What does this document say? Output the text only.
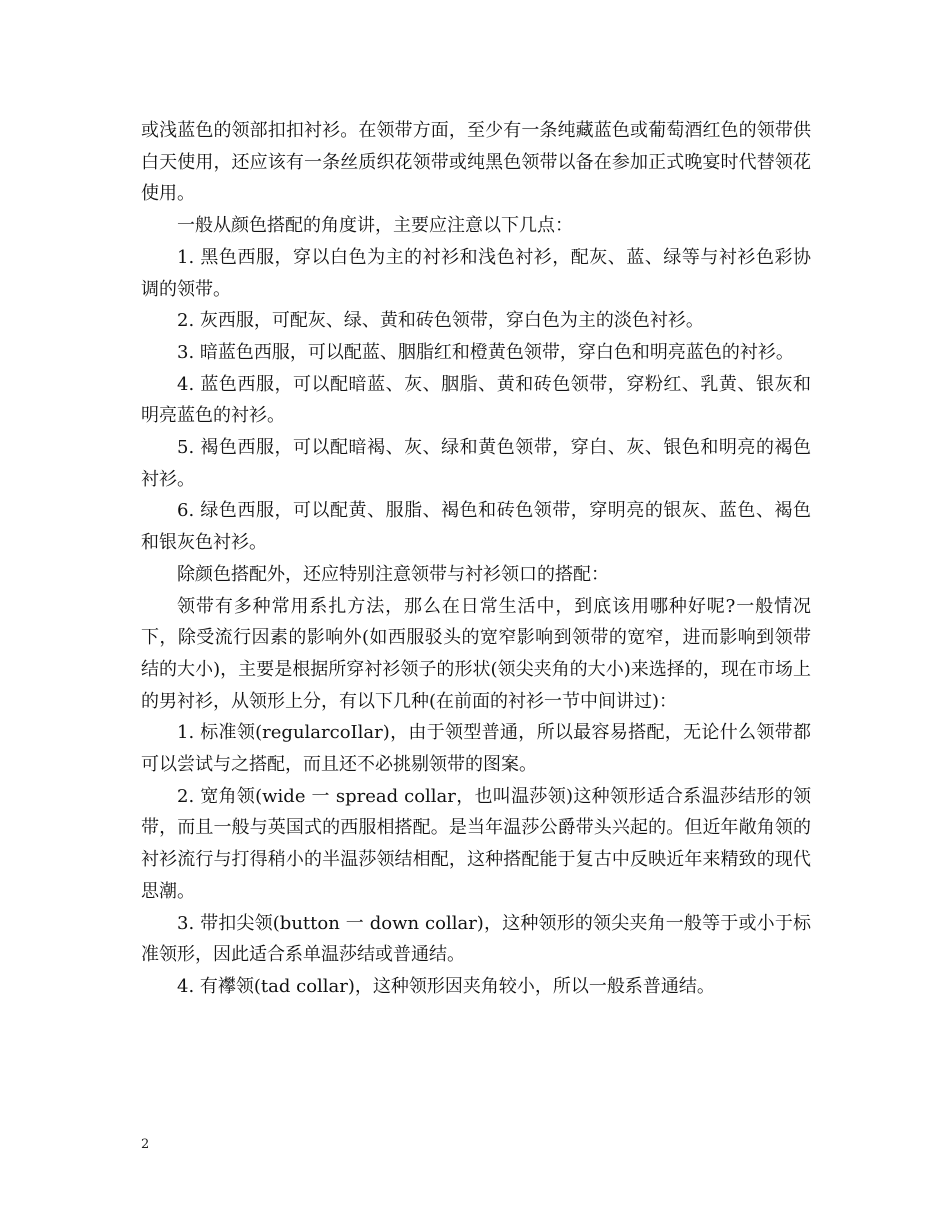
或浅蓝色的领部扣扣衬衫。在领带方面，至少有一条纯藏蓝色或葡萄酒红色的领带供白天使用，还应该有一条丝质织花领带或纯黑色领带以备在参加正式晚宴时代替领花使用。

一般从颜色搭配的角度讲，主要应注意以下几点：

1. 黑色西服，穿以白色为主的衬衫和浅色衬衫，配灰、蓝、绿等与衬衫色彩协调的领带。

2. 灰西服，可配灰、绿、黄和砖色领带，穿白色为主的淡色衬衫。

3. 暗蓝色西服，可以配蓝、胭脂红和橙黄色领带，穿白色和明亮蓝色的衬衫。

4. 蓝色西服，可以配暗蓝、灰、胭脂、黄和砖色领带，穿粉红、乳黄、银灰和明亮蓝色的衬衫。

5. 褐色西服，可以配暗褐、灰、绿和黄色领带，穿白、灰、银色和明亮的褐色衬衫。

6. 绿色西服，可以配黄、服脂、褐色和砖色领带，穿明亮的银灰、蓝色、褐色和银灰色衬衫。

除颜色搭配外，还应特别注意领带与衬衫领口的搭配：

领带有多种常用系扎方法，那么在日常生活中，到底该用哪种好呢?一般情况下，除受流行因素的影响外(如西服驳头的宽窄影响到领带的宽窄，进而影响到领带结的大小)，主要是根据所穿衬衫领子的形状(领尖夹角的大小)来选择的，现在市场上的男衬衫，从领形上分，有以下几种(在前面的衬衫一节中间讲过)：

1. 标准领(regularcoIlar)，由于领型普通，所以最容易搭配，无论什么领带都可以尝试与之搭配，而且还不必挑剔领带的图案。

2. 宽角领(wide 一 spread collar，也叫温莎领)这种领形适合系温莎结形的领带，而且一般与英国式的西服相搭配。是当年温莎公爵带头兴起的。但近年敞角领的衬衫流行与打得稍小的半温莎领结相配，这种搭配能于复古中反映近年来精致的现代思潮。

3. 带扣尖领(button 一 down collar)，这种领形的领尖夹角一般等于或小于标准领形，因此适合系单温莎结或普通结。

4. 有襻领(tad collar)，这种领形因夹角较小，所以一般系普通结。

2
